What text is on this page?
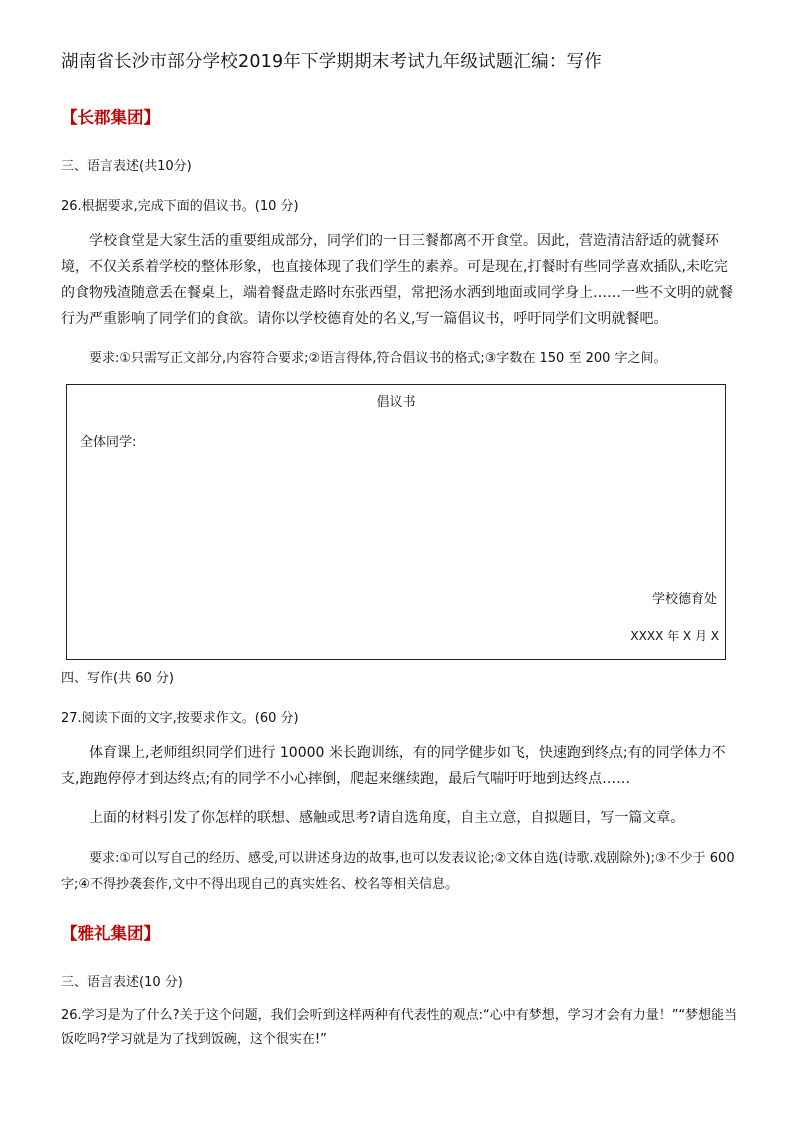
湖南省长沙市部分学校2019年下学期期末考试九年级试题汇编：写作
【长郡集团】
三、语言表述(共10分)
26.根据要求,完成下面的倡议书。(10 分)
学校食堂是大家生活的重要组成部分，同学们的一日三餐都离不开食堂。因此，营造清洁舒适的就餐环境，不仅关系着学校的整体形象，也直接体现了我们学生的素养。可是现在,打餐时有些同学喜欢插队,未吃完的食物残渣随意丢在餐桌上，端着餐盘走路时东张西望，常把汤水洒到地面或同学身上……一些不文明的就餐行为严重影响了同学们的食欲。请你以学校德育处的名义,写一篇倡议书，呼吁同学们文明就餐吧。
要求:①只需写正文部分,内容符合要求;②语言得体,符合倡议书的格式;③字数在 150 至 200 字之间。
倡议书
全体同学:
学校德育处
XXXX 年 X 月 X
四、写作(共 60 分)
27.阅读下面的文字,按要求作文。(60 分)
体育课上,老师组织同学们进行 10000 米长跑训练，有的同学健步如飞，快速跑到终点;有的同学体力不支,跑跑停停才到达终点;有的同学不小心摔倒，爬起来继续跑，最后气喘吁吁地到达终点……
上面的材料引发了你怎样的联想、感触或思考?请自选角度，自主立意，自拟题目，写一篇文章。
要求:①可以写自己的经历、感受,可以讲述身边的故事,也可以发表议论;②文体自选(诗歌.戏剧除外);③不少于 600 字;④不得抄袭套作,文中不得出现自己的真实姓名、校名等相关信息。
【雅礼集团】
三、语言表述(10 分)
26.学习是为了什么?关于这个问题，我们会听到这样两种有代表性的观点:“心中有梦想，学习才会有力量！”“梦想能当饭吃吗?学习就是为了找到饭碗，这个很实在!”
